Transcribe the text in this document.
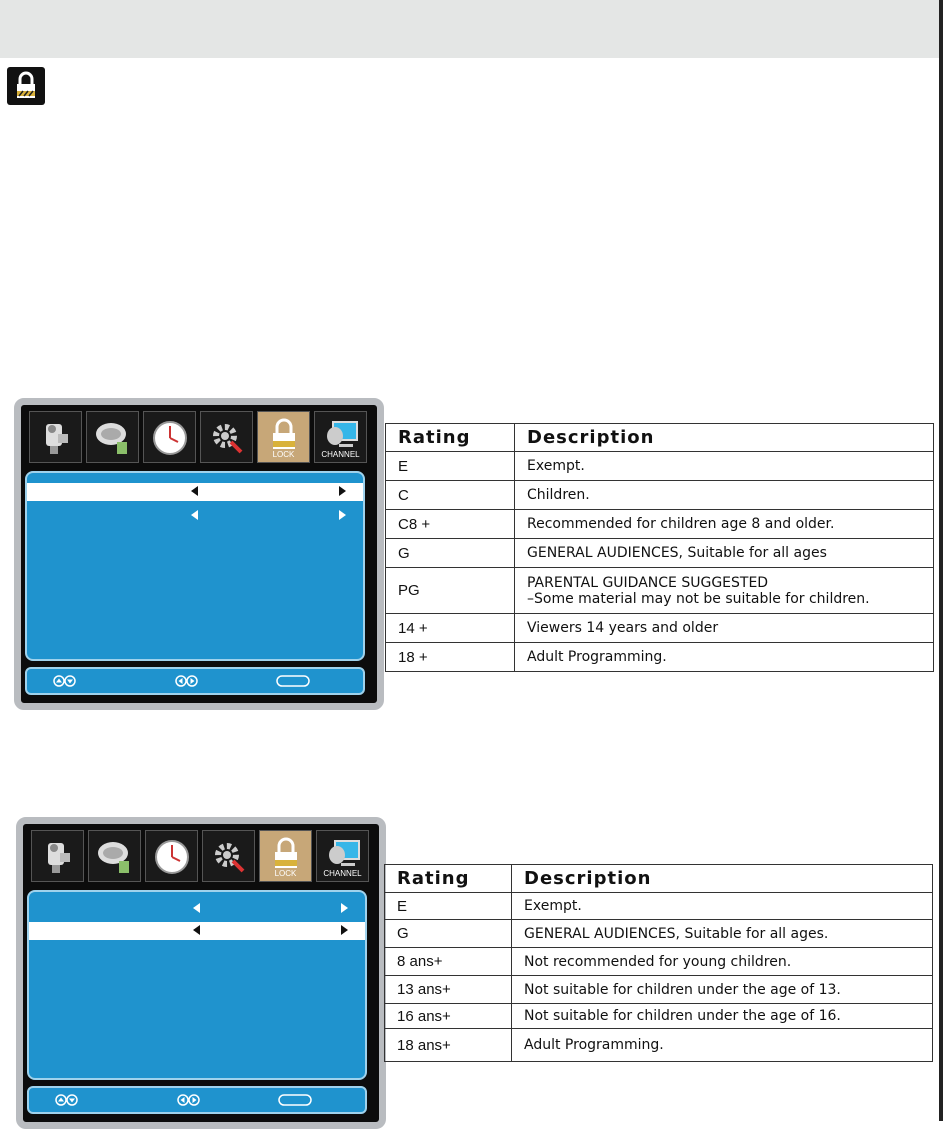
LOCK	CHANNEL
Rating	Description
E	Exempt.
C	Children.
C8 +	Recommended for children age 8 and older.
G	GENERAL AUDIENCES, Suitable for all ages
PG	PARENTAL GUIDANCE SUGGESTED
–Some material may not be suitable for children.

14 +	Viewers 14 years and older
18 +	Adult Programming.
LOCK	CHANNEL	Rating	Description
E	Exempt.
G	GENERAL AUDIENCES, Suitable for all ages.
8 ans+	Not recommended for young children.
13 ans+	Not suitable for children under the age of 13.
16 ans+	Not suitable for children under the age of 16.
18 ans+	Adult Programming.
